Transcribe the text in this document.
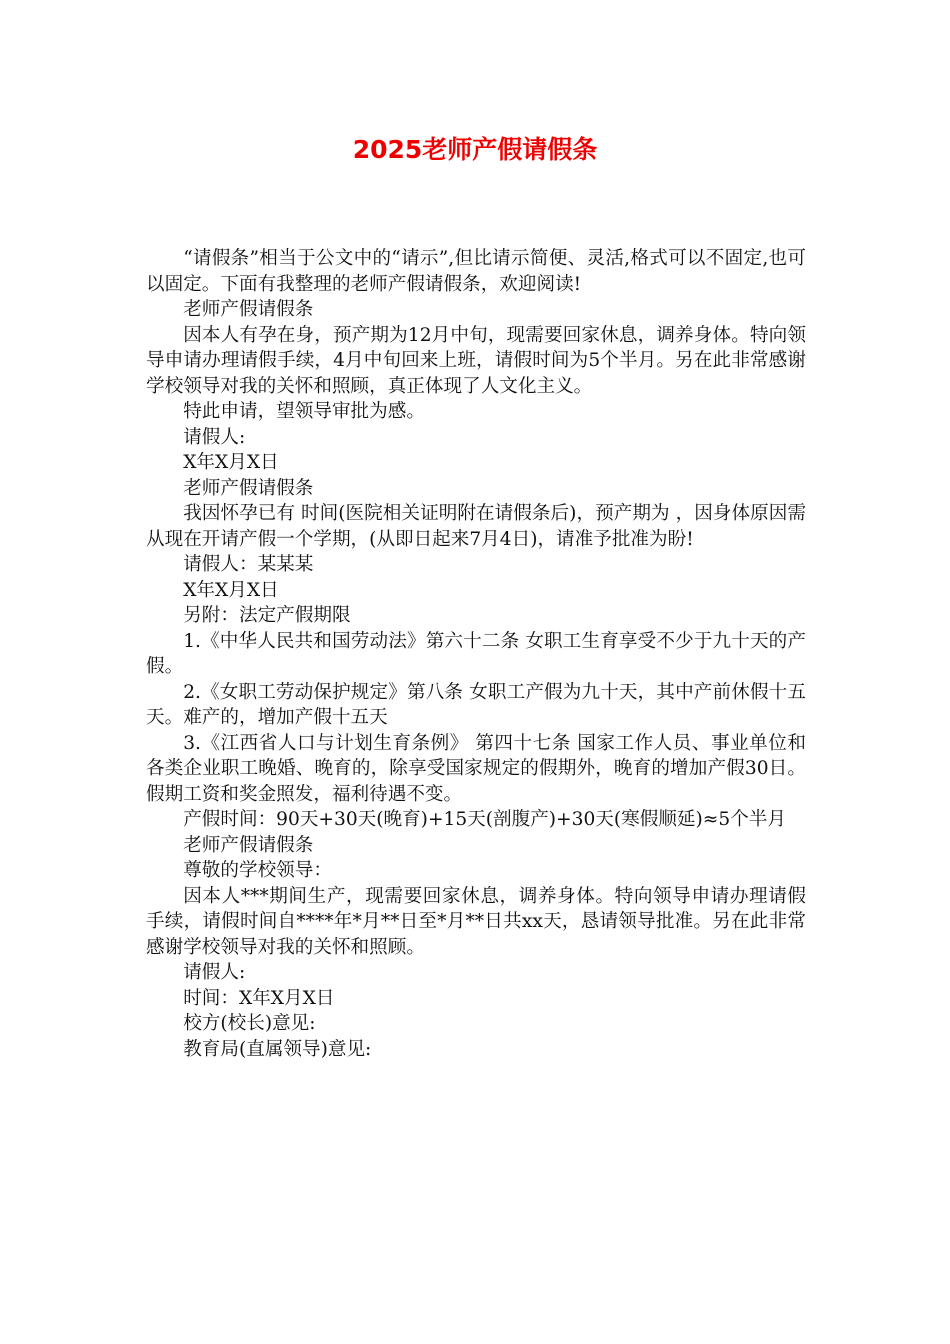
2025老师产假请假条

“请假条”相当于公文中的“请示”,但比请示简便、灵活,格式可以不固定,也可以固定。下面有我整理的老师产假请假条，欢迎阅读!

老师产假请假条

因本人有孕在身，预产期为12月中旬，现需要回家休息，调养身体。特向领导申请办理请假手续，4月中旬回来上班，请假时间为5个半月。另在此非常感谢学校领导对我的关怀和照顾，真正体现了人文化主义。

特此申请，望领导审批为感。

请假人:

X年X月X日

老师产假请假条

我因怀孕已有 时间(医院相关证明附在请假条后)，预产期为 ，因身体原因需从现在开请产假一个学期，(从即日起来7月4日)，请准予批准为盼!

请假人：某某某

X年X月X日

另附：法定产假期限

1.《中华人民共和国劳动法》第六十二条 女职工生育享受不少于九十天的产假。

2.《女职工劳动保护规定》第八条 女职工产假为九十天，其中产前休假十五天。难产的，增加产假十五天

3.《江西省人口与计划生育条例》 第四十七条 国家工作人员、事业单位和各类企业职工晚婚、晚育的，除享受国家规定的假期外，晚育的增加产假30日。假期工资和奖金照发，福利待遇不变。

产假时间：90天+30天(晚育)+15天(剖腹产)+30天(寒假顺延)≈5个半月

老师产假请假条

尊敬的学校领导：

因本人***期间生产，现需要回家休息，调养身体。特向领导申请办理请假手续，请假时间自****年*月**日至*月**日共xx天，恳请领导批准。另在此非常感谢学校领导对我的关怀和照顾。

请假人:

时间：X年X月X日

校方(校长)意见:

教育局(直属领导)意见:
